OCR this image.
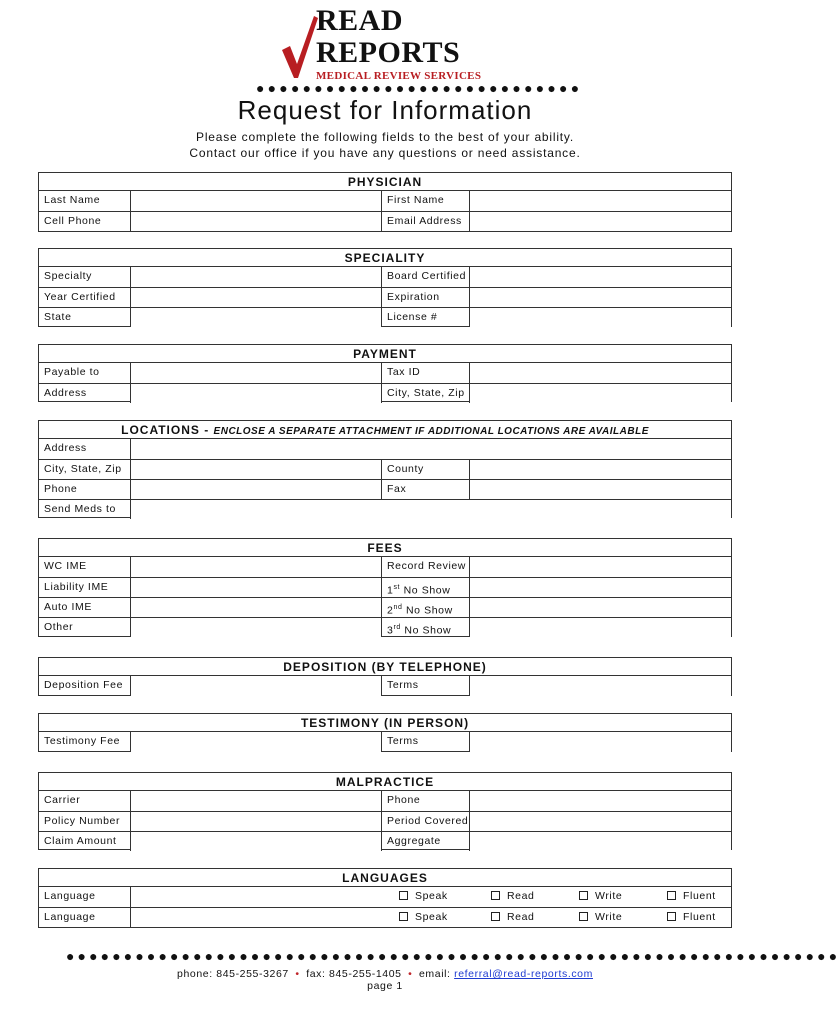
READ
REPORTS
MEDICAL REVIEW SERVICES
●●●●●●●●●●●●●●●●●●●●●●●●●●●●
Request for Information
Please complete the following fields to the best of your ability.
Contact our office if you have any questions or need assistance.
PHYSICIAN
Last Name	First Name
Cell Phone	Email Address
SPECIALITY
Specialty	Board Certified
Year Certified	Expiration
State	License #
PAYMENT
Payable to	Tax ID
Address	City, State, Zip
LOCATIONS - ENCLOSE A SEPARATE ATTACHMENT IF ADDITIONAL LOCATIONS ARE AVAILABLE
Address
City, State, Zip	County
Phone	Fax
Send Meds to
FEES
WC IME	Record Review
Liability IME	1st No Show
Auto IME	2nd No Show
Other	3rd No Show
DEPOSITION (BY TELEPHONE)
Deposition Fee	Terms
TESTIMONY (IN PERSON)
Testimony Fee	Terms
MALPRACTICE
Carrier	Phone
Policy Number	Period Covered
Claim Amount	Aggregate
LANGUAGES
Language	Speak	Read	Write	Fluent
Language	Speak	Read	Write	Fluent
●●●●●●●●●●●●●●●●●●●●●●●●●●●●●●●●●●●●●●●●●●●●●●●●●●●●●●●●●●●●●●●●●●●
phone: 845-255-3267 • fax: 845-255-1405 • email: referral@read-reports.com
page 1
